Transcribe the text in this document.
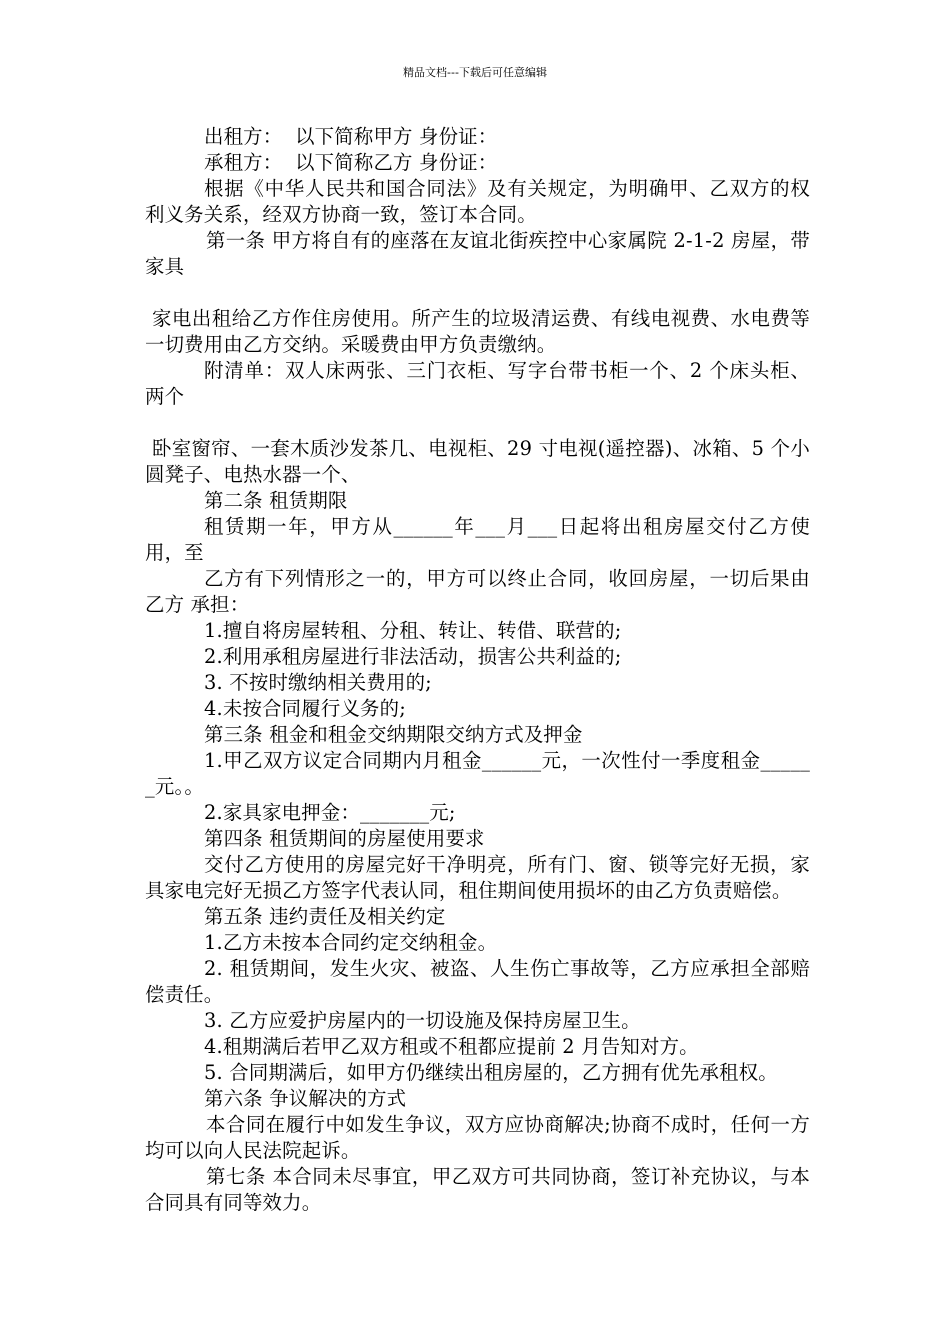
精品文档---下载后可任意编辑

出租方：  以下简称甲方 身份证：

承租方：  以下简称乙方 身份证：

根据《中华人民共和国合同法》及有关规定，为明确甲、乙双方的权利义务关系，经双方协商一致，签订本合同。

第一条 甲方将自有的座落在友谊北街疾控中心家属院 2-1-2 房屋，带家具

家电出租给乙方作住房使用。所产生的垃圾清运费、有线电视费、水电费等一切费用由乙方交纳。采暖费由甲方负责缴纳。

附清单：双人床两张、三门衣柜、写字台带书柜一个、2 个床头柜、两个

卧室窗帘、一套木质沙发茶几、电视柜、29 寸电视(遥控器)、冰箱、5 个小圆凳子、电热水器一个、

第二条 租赁期限

租赁期一年，甲方从______年___月___日起将出租房屋交付乙方使用，至

乙方有下列情形之一的，甲方可以终止合同，收回房屋，一切后果由乙方 承担：

1.擅自将房屋转租、分租、转让、转借、联营的;

2.利用承租房屋进行非法活动，损害公共利益的;

3. 不按时缴纳相关费用的;

4.未按合同履行义务的;

第三条 租金和租金交纳期限交纳方式及押金

1.甲乙双方议定合同期内月租金______元，一次性付一季度租金______元。。

2.家具家电押金：_______元;

第四条 租赁期间的房屋使用要求

交付乙方使用的房屋完好干净明亮，所有门、窗、锁等完好无损，家具家电完好无损乙方签字代表认同，租住期间使用损坏的由乙方负责赔偿。

第五条 违约责任及相关约定

1.乙方未按本合同约定交纳租金。

2. 租赁期间，发生火灾、被盗、人生伤亡事故等，乙方应承担全部赔偿责任。

3. 乙方应爱护房屋内的一切设施及保持房屋卫生。

4.租期满后若甲乙双方租或不租都应提前 2 月告知对方。

5. 合同期满后，如甲方仍继续出租房屋的，乙方拥有优先承租权。

第六条 争议解决的方式

本合同在履行中如发生争议，双方应协商解决;协商不成时，任何一方均可以向人民法院起诉。

第七条 本合同未尽事宜，甲乙双方可共同协商，签订补充协议，与本合同具有同等效力。
